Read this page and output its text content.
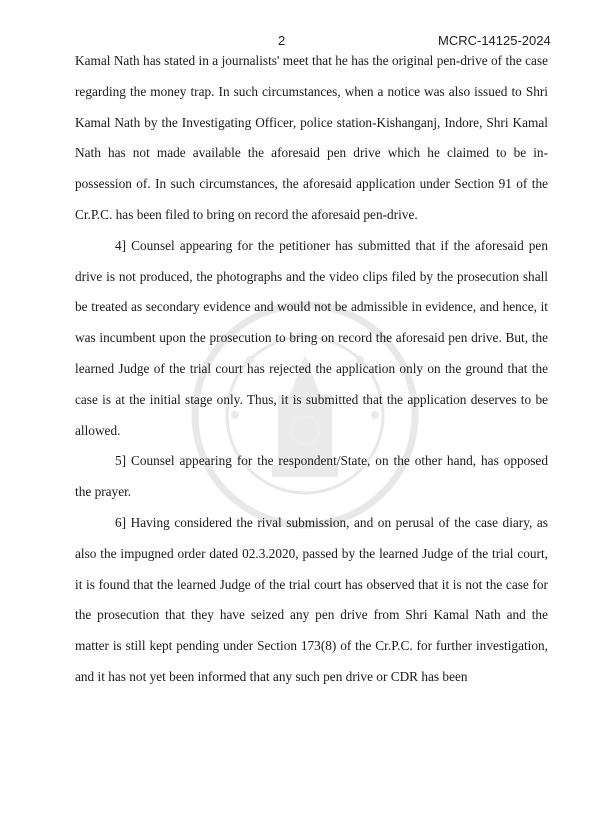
2	MCRC-14125-2024

Kamal Nath has stated in a journalists' meet that he has the original pen-drive of the case regarding the money trap. In such circumstances, when a notice was also issued to Shri Kamal Nath by the Investigating Officer, police station-Kishanganj, Indore, Shri Kamal Nath has not made available the aforesaid pen drive which he claimed to be in-possession of. In such circumstances, the aforesaid application under Section 91 of the Cr.P.C. has been filed to bring on record the aforesaid pen-drive.

4] Counsel appearing for the petitioner has submitted that if the aforesaid pen drive is not produced, the photographs and the video clips filed by the prosecution shall be treated as secondary evidence and would not be admissible in evidence, and hence, it was incumbent upon the prosecution to bring on record the aforesaid pen drive. But, the learned Judge of the trial court has rejected the application only on the ground that the case is at the initial stage only. Thus, it is submitted that the application deserves to be allowed.

5] Counsel appearing for the respondent/State, on the other hand, has opposed the prayer.

6] Having considered the rival submission, and on perusal of the case diary, as also the impugned order dated 02.3.2020, passed by the learned Judge of the trial court, it is found that the learned Judge of the trial court has observed that it is not the case for the prosecution that they have seized any pen drive from Shri Kamal Nath and the matter is still kept pending under Section 173(8) of the Cr.P.C. for further investigation, and it has not yet been informed that any such pen drive or CDR has been
